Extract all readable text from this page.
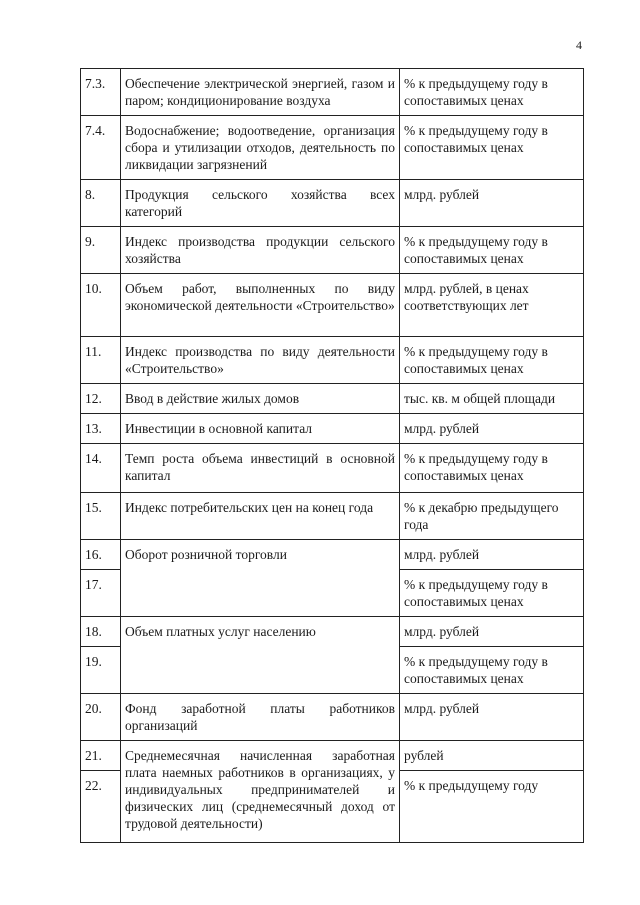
4
7.3.	Обеспечение электрической энергией, газом и паром; кондиционирование воздуха	% к предыдущему году в сопоставимых ценах
7.4.	Водоснабжение; водоотведение, организация сбора и утилизации отходов, деятельность по ликвидации загрязнений	% к предыдущему году в сопоставимых ценах
8.	Продукция сельского хозяйства всех категорий	млрд. рублей
9.	Индекс производства продукции сельского хозяйства	% к предыдущему году в сопоставимых ценах
10.	Объем работ, выполненных по виду экономической деятельности «Строительство»	млрд. рублей, в ценах соответствующих лет
11.	Индекс производства по виду деятельности «Строительство»	% к предыдущему году в сопоставимых ценах
12.	Ввод в действие жилых домов	тыс. кв. м общей площади
13.	Инвестиции в основной капитал	млрд. рублей
14.	Темп роста объема инвестиций в основной капитал	% к предыдущему году в сопоставимых ценах
15.	Индекс потребительских цен на конец года	% к декабрю предыдущего года
16.	Оборот розничной торговли	млрд. рублей
17.		% к предыдущему году в сопоставимых ценах
18.	Объем платных услуг населению	млрд. рублей
19.		% к предыдущему году в сопоставимых ценах
20.	Фонд заработной платы работников организаций	млрд. рублей
21.	Среднемесячная начисленная заработная плата наемных работников в организациях, у индивидуальных предпринимателей и физических лиц (среднемесячный доход от трудовой деятельности)	рублей
22.		% к предыдущему году
